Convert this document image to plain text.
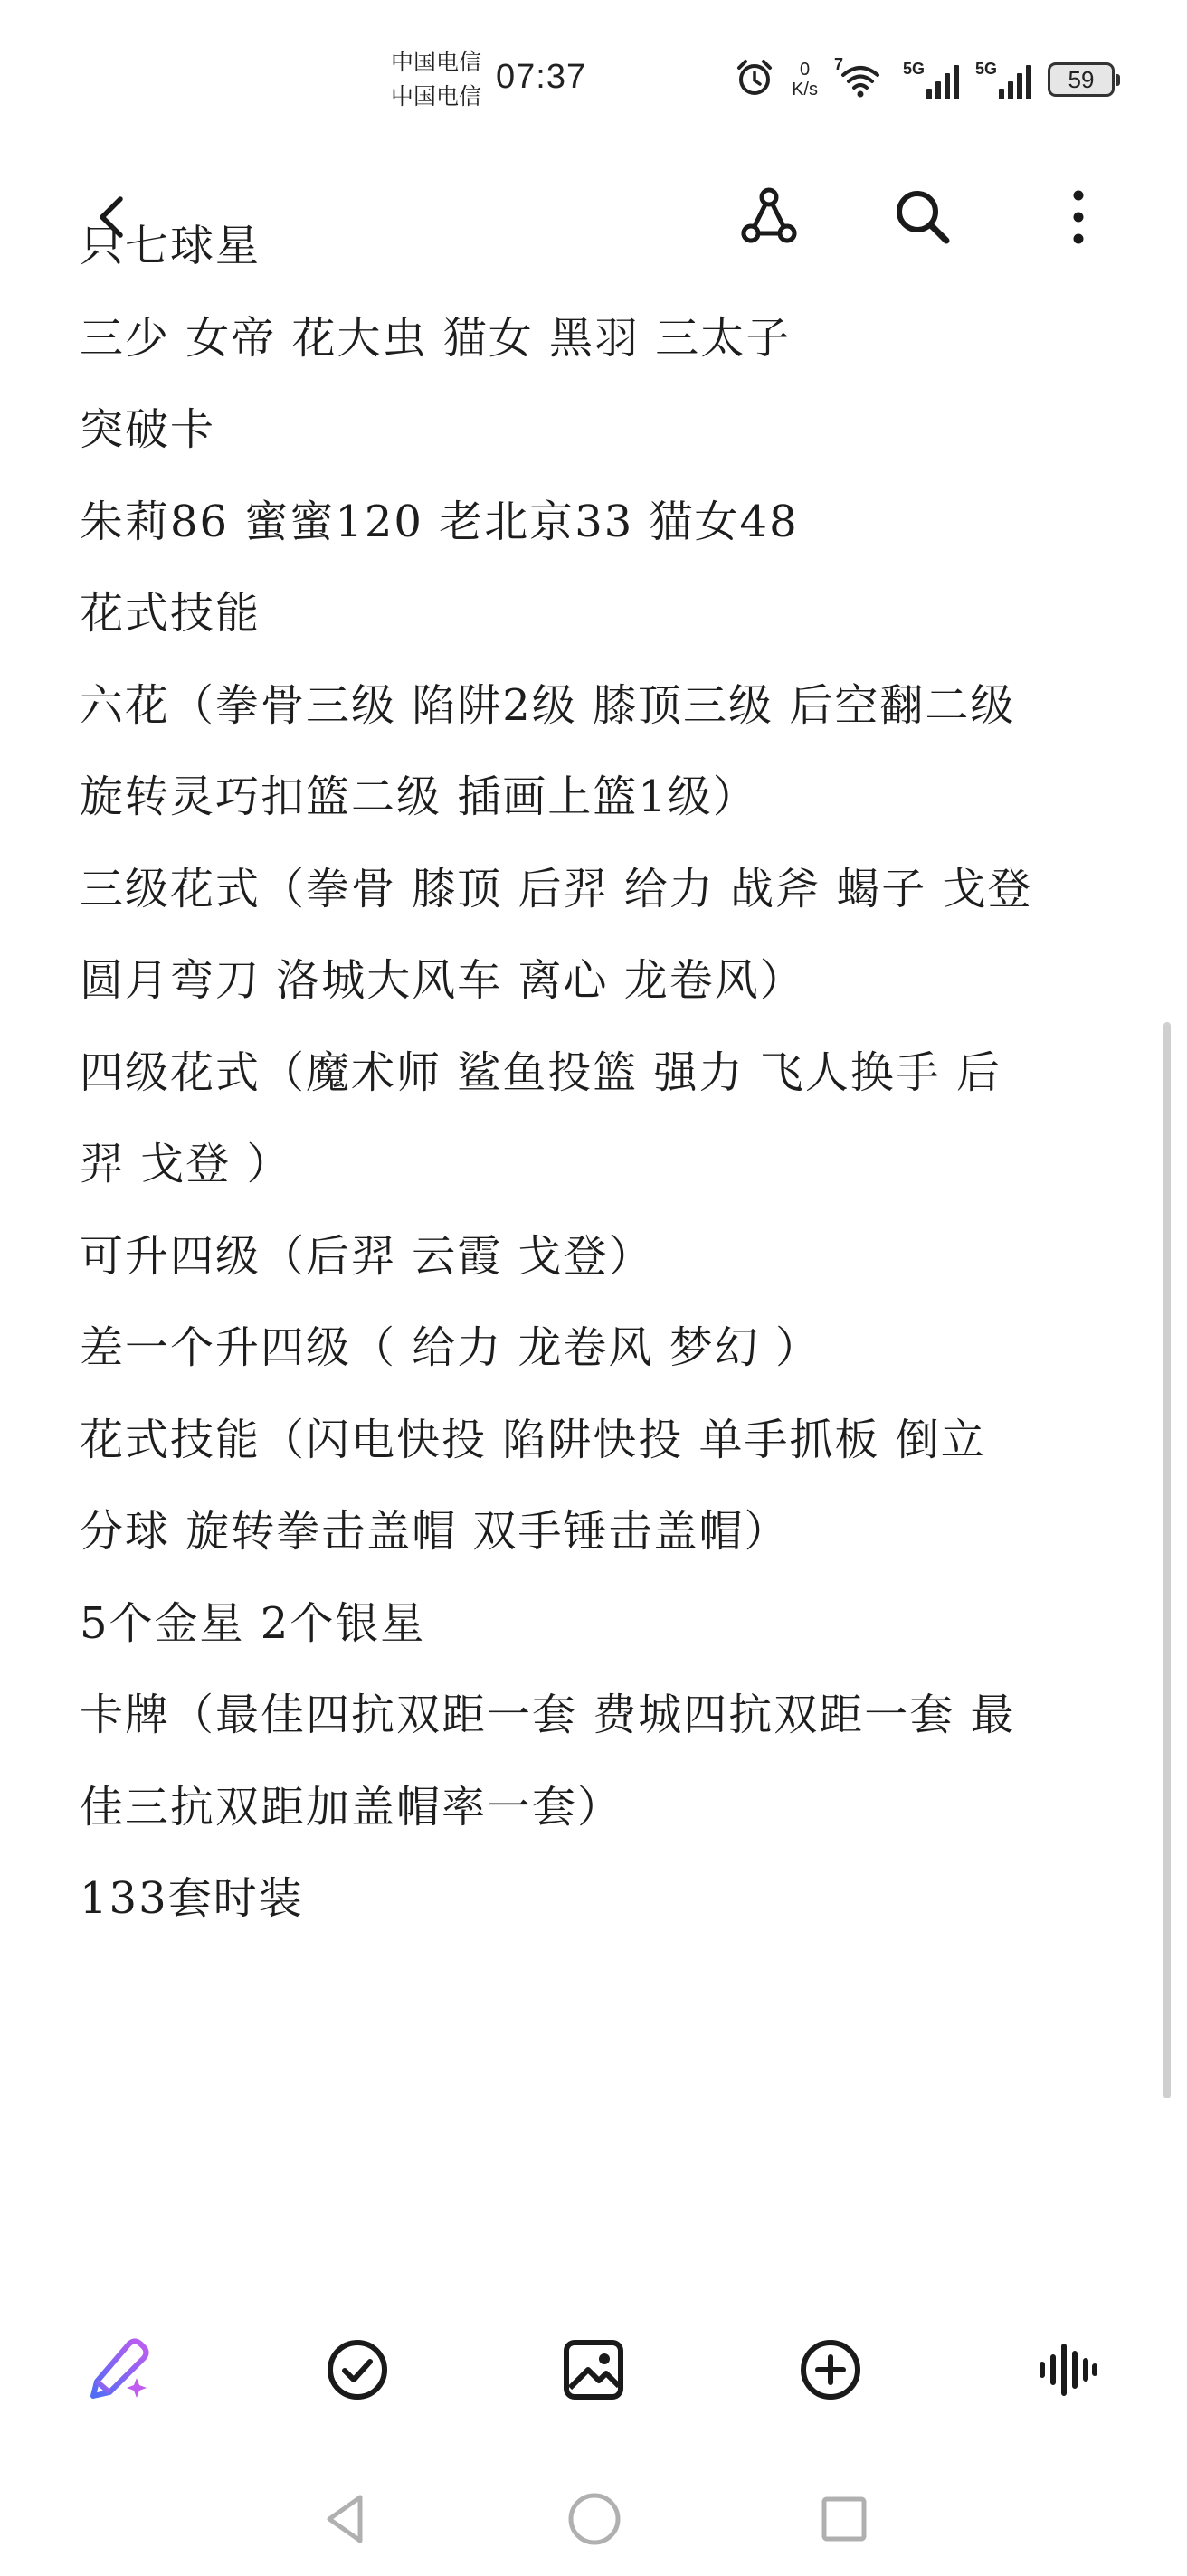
中国电信
中国电信
07:37	0
K/s
7	5G	5G	59
只七球星
三少 女帝 花大虫 猫女 黑羽 三太子
突破卡
朱莉86 蜜蜜120 老北京33 猫女48
花式技能
六花（拳骨三级 陷阱2级 膝顶三级 后空翻二级
旋转灵巧扣篮二级 插画上篮1级）
三级花式（拳骨 膝顶 后羿 给力 战斧 蝎子 戈登
圆月弯刀 洛城大风车 离心 龙卷风）
四级花式（魔术师 鲨鱼投篮 强力 飞人换手 后
羿 戈登 ）
可升四级（后羿 云霞 戈登）
差一个升四级（ 给力 龙卷风 梦幻 ）
花式技能（闪电快投 陷阱快投 单手抓板 倒立
分球 旋转拳击盖帽 双手锤击盖帽）
5个金星 2个银星
卡牌（最佳四抗双距一套 费城四抗双距一套 最
佳三抗双距加盖帽率一套）
133套时装
